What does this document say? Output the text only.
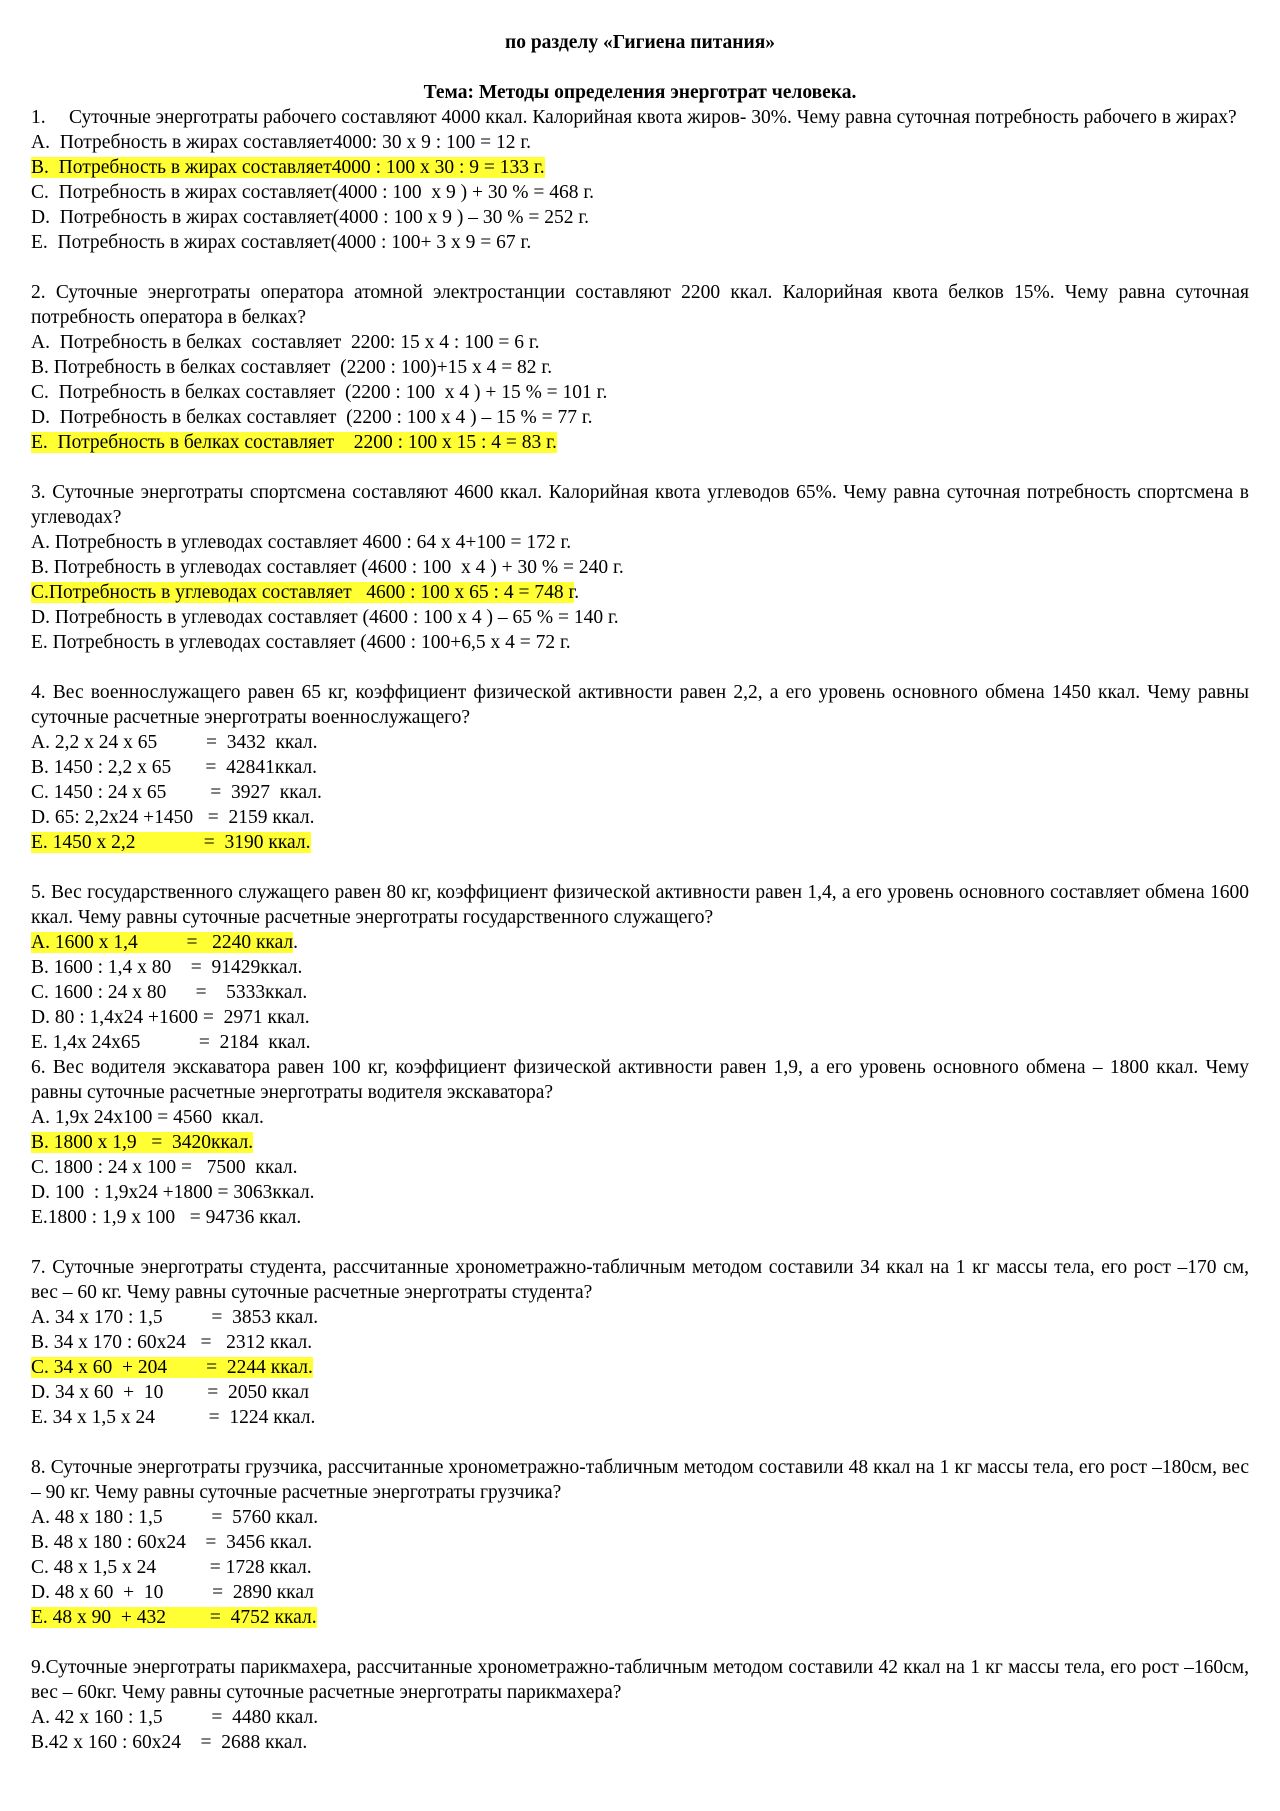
по разделу «Гигиена питания»
Тема: Методы определения энерготрат человека.
1.	Суточные энерготраты рабочего составляют 4000 ккал. Калорийная квота жиров- 30%. Чему равна суточная потребность рабочего в жирах?
A.  Потребность в жирах составляет4000: 30 x 9 : 100 = 12 г.
B.  Потребность в жирах составляет4000 : 100 x 30 : 9 = 133 г.
C.  Потребность в жирах составляет(4000 : 100  x 9 ) + 30 % = 468 г.
D.  Потребность в жирах составляет(4000 : 100 x 9 ) – 30 % = 252 г.
E.  Потребность в жирах составляет(4000 : 100+ 3 x 9 = 67 г.
2. Суточные энерготраты оператора атомной электростанции составляют 2200 ккал. Калорийная квота белков 15%. Чему равна суточная потребность оператора в белках?
A.  Потребность в белках  составляет  2200: 15 x 4 : 100 = 6 г.
B. Потребность в белках составляет  (2200 : 100)+15 x 4 = 82 г.
C.  Потребность в белках составляет  (2200 : 100  x 4 ) + 15 % = 101 г.
D.  Потребность в белках составляет  (2200 : 100 x 4 ) – 15 % = 77 г.
E.  Потребность в белках составляет    2200 : 100 x 15 : 4 = 83 г.
3. Суточные энерготраты спортсмена составляют 4600 ккал. Калорийная квота углеводов 65%. Чему равна суточная потребность спортсмена в углеводах?
A. Потребность в углеводах составляет 4600 : 64 x 4+100 = 172 г.
B. Потребность в углеводах составляет (4600 : 100  x 4 ) + 30 % = 240 г.
C.Потребность в углеводах составляет   4600 : 100 x 65 : 4 = 748 г.
D. Потребность в углеводах составляет (4600 : 100 x 4 ) – 65 % = 140 г.
E. Потребность в углеводах составляет (4600 : 100+6,5 x 4 = 72 г.
4. Вес военнослужащего равен 65 кг, коэффициент физической активности равен 2,2, а его уровень основного обмена 1450 ккал. Чему равны суточные расчетные энерготраты военнослужащего?
A. 2,2 x 24 x 65          =  3432  ккал.
B. 1450 : 2,2 x 65       =  42841ккал.
C. 1450 : 24 x 65         =  3927  ккал.
D. 65: 2,2x24 +1450   =  2159 ккал.
E. 1450 x 2,2              =  3190 ккал.
5. Вес государственного служащего равен 80 кг, коэффициент физической активности равен 1,4, а его уровень основного составляет обмена 1600 ккал. Чему равны суточные расчетные энерготраты государственного служащего?
A. 1600 x 1,4          =   2240 ккал.
B. 1600 : 1,4 x 80    =  91429ккал.
C. 1600 : 24 x 80      =    5333ккал.
D. 80 : 1,4x24 +1600 =  2971 ккал.
E. 1,4x 24x65            =  2184  ккал.
6. Вес водителя экскаватора равен 100 кг, коэффициент физической активности равен 1,9, а его уровень основного обмена – 1800 ккал. Чему равны суточные расчетные энерготраты водителя экскаватора?
A. 1,9x 24x100 = 4560  ккал.
B. 1800 x 1,9   =  3420ккал.
C. 1800 : 24 x 100 =   7500  ккал.
D. 100  : 1,9x24 +1800 = 3063ккал.
E.1800 : 1,9 x 100   = 94736 ккал.
7. Суточные энерготраты студента, рассчитанные хронометражно-табличным методом составили 34 ккал на 1 кг массы тела, его рост –170 см, вес – 60 кг. Чему равны суточные расчетные энерготраты студента?
A. 34 x 170 : 1,5          =  3853 ккал.
B. 34 x 170 : 60x24   =   2312 ккал.
C. 34 x 60  + 204        =  2244 ккал.
D. 34 x 60  +  10         =  2050 ккал
E. 34 x 1,5 x 24           =  1224 ккал.
8. Суточные энерготраты грузчика, рассчитанные хронометражно-табличным методом составили 48 ккал на 1 кг массы тела, его рост –180см, вес – 90 кг. Чему равны суточные расчетные энерготраты грузчика?
A. 48 x 180 : 1,5          =  5760 ккал.
B. 48 x 180 : 60x24    =  3456 ккал.
C. 48 x 1,5 x 24           = 1728 ккал.
D. 48 x 60  +  10          =  2890 ккал
E. 48 x 90  + 432         =  4752 ккал.
9.Суточные энерготраты парикмахера, рассчитанные хронометражно-табличным методом составили 42 ккал на 1 кг массы тела, его рост –160см, вес – 60кг. Чему равны суточные расчетные энерготраты парикмахера?
A. 42 x 160 : 1,5          =  4480 ккал.
B.42 x 160 : 60x24    =  2688 ккал.
